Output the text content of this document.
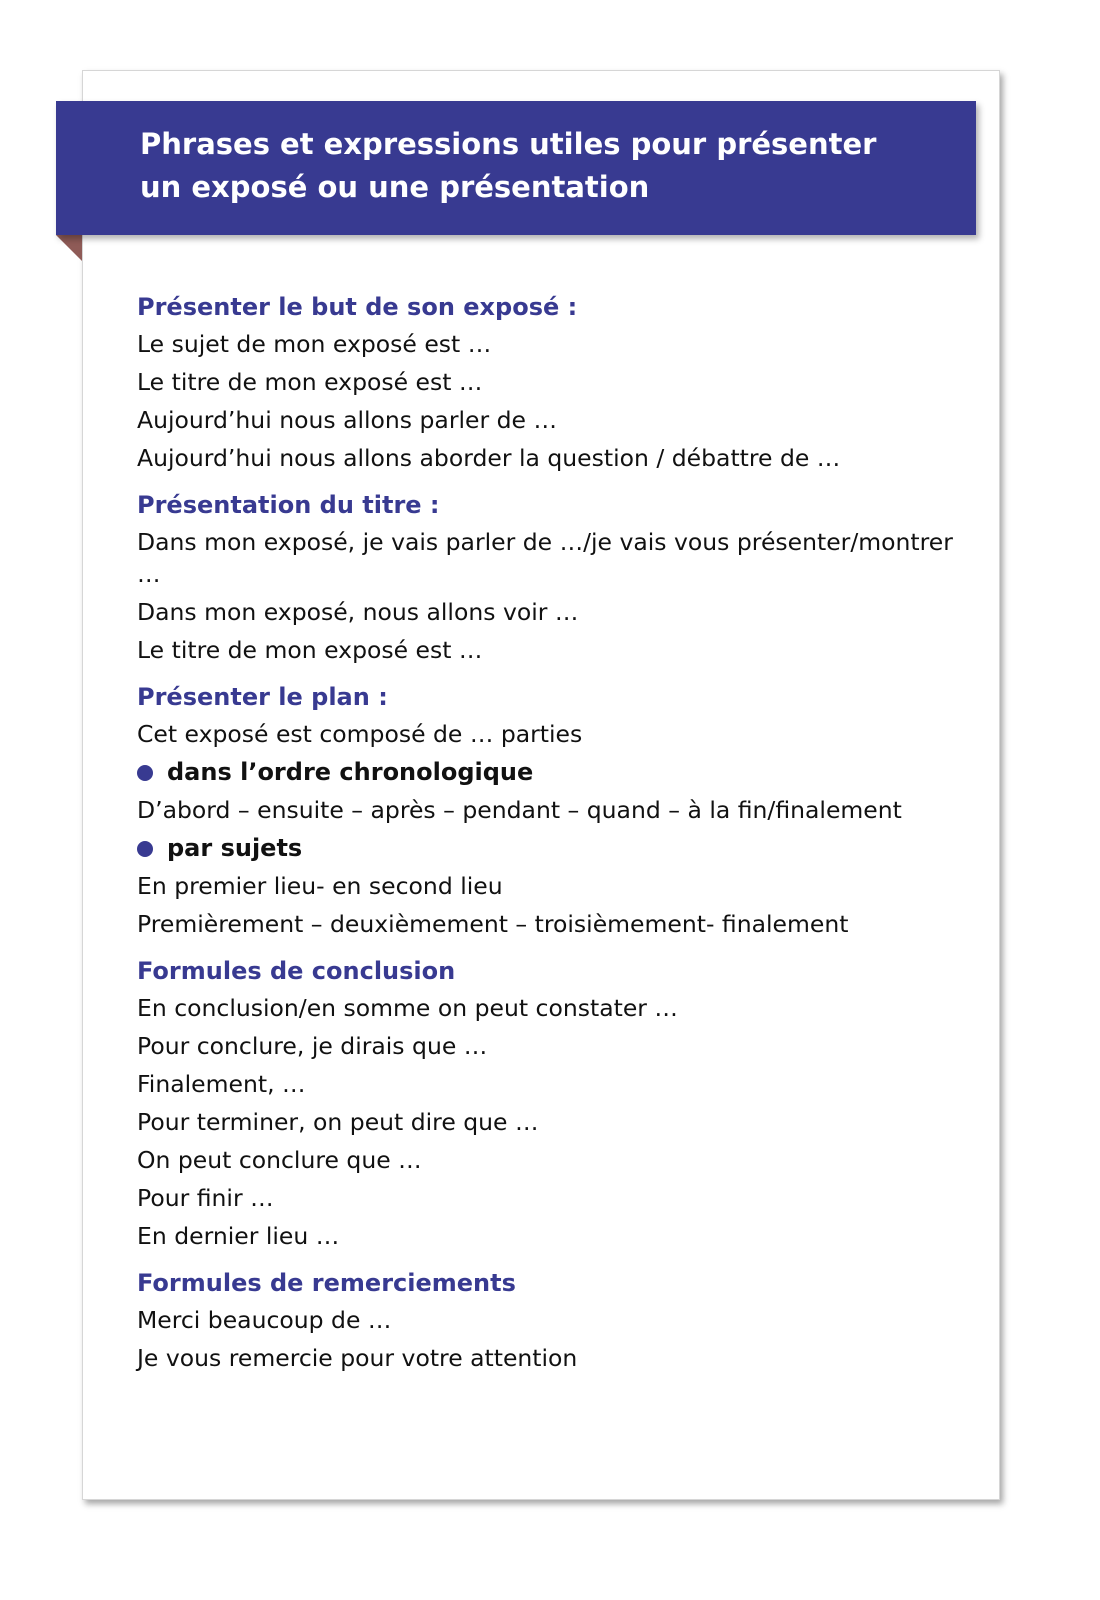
Phrases et expressions utiles pour présenter
un exposé ou une présentation
Présenter le but de son exposé :
Le sujet de mon exposé est …
Le titre de mon exposé est …
Aujourd’hui nous allons parler de …
Aujourd’hui nous allons aborder la question / débattre de …
Présentation du titre :
Dans mon exposé, je vais parler de …/je vais vous présenter/montrer …
Dans mon exposé, nous allons voir …
Le titre de mon exposé est …
Présenter le plan :
Cet exposé est composé de … parties
dans l’ordre chronologique
D’abord – ensuite – après – pendant – quand – à la fin/finalement
par sujets
En premier lieu- en second lieu
Premièrement – deuxièmement – troisièmement- finalement
Formules de conclusion
En conclusion/en somme on peut constater …
Pour conclure, je dirais que …
Finalement, …
Pour terminer, on peut dire que …
On peut conclure que …
Pour finir …
En dernier lieu …
Formules de remerciements
Merci beaucoup de …
Je vous remercie pour votre attention
